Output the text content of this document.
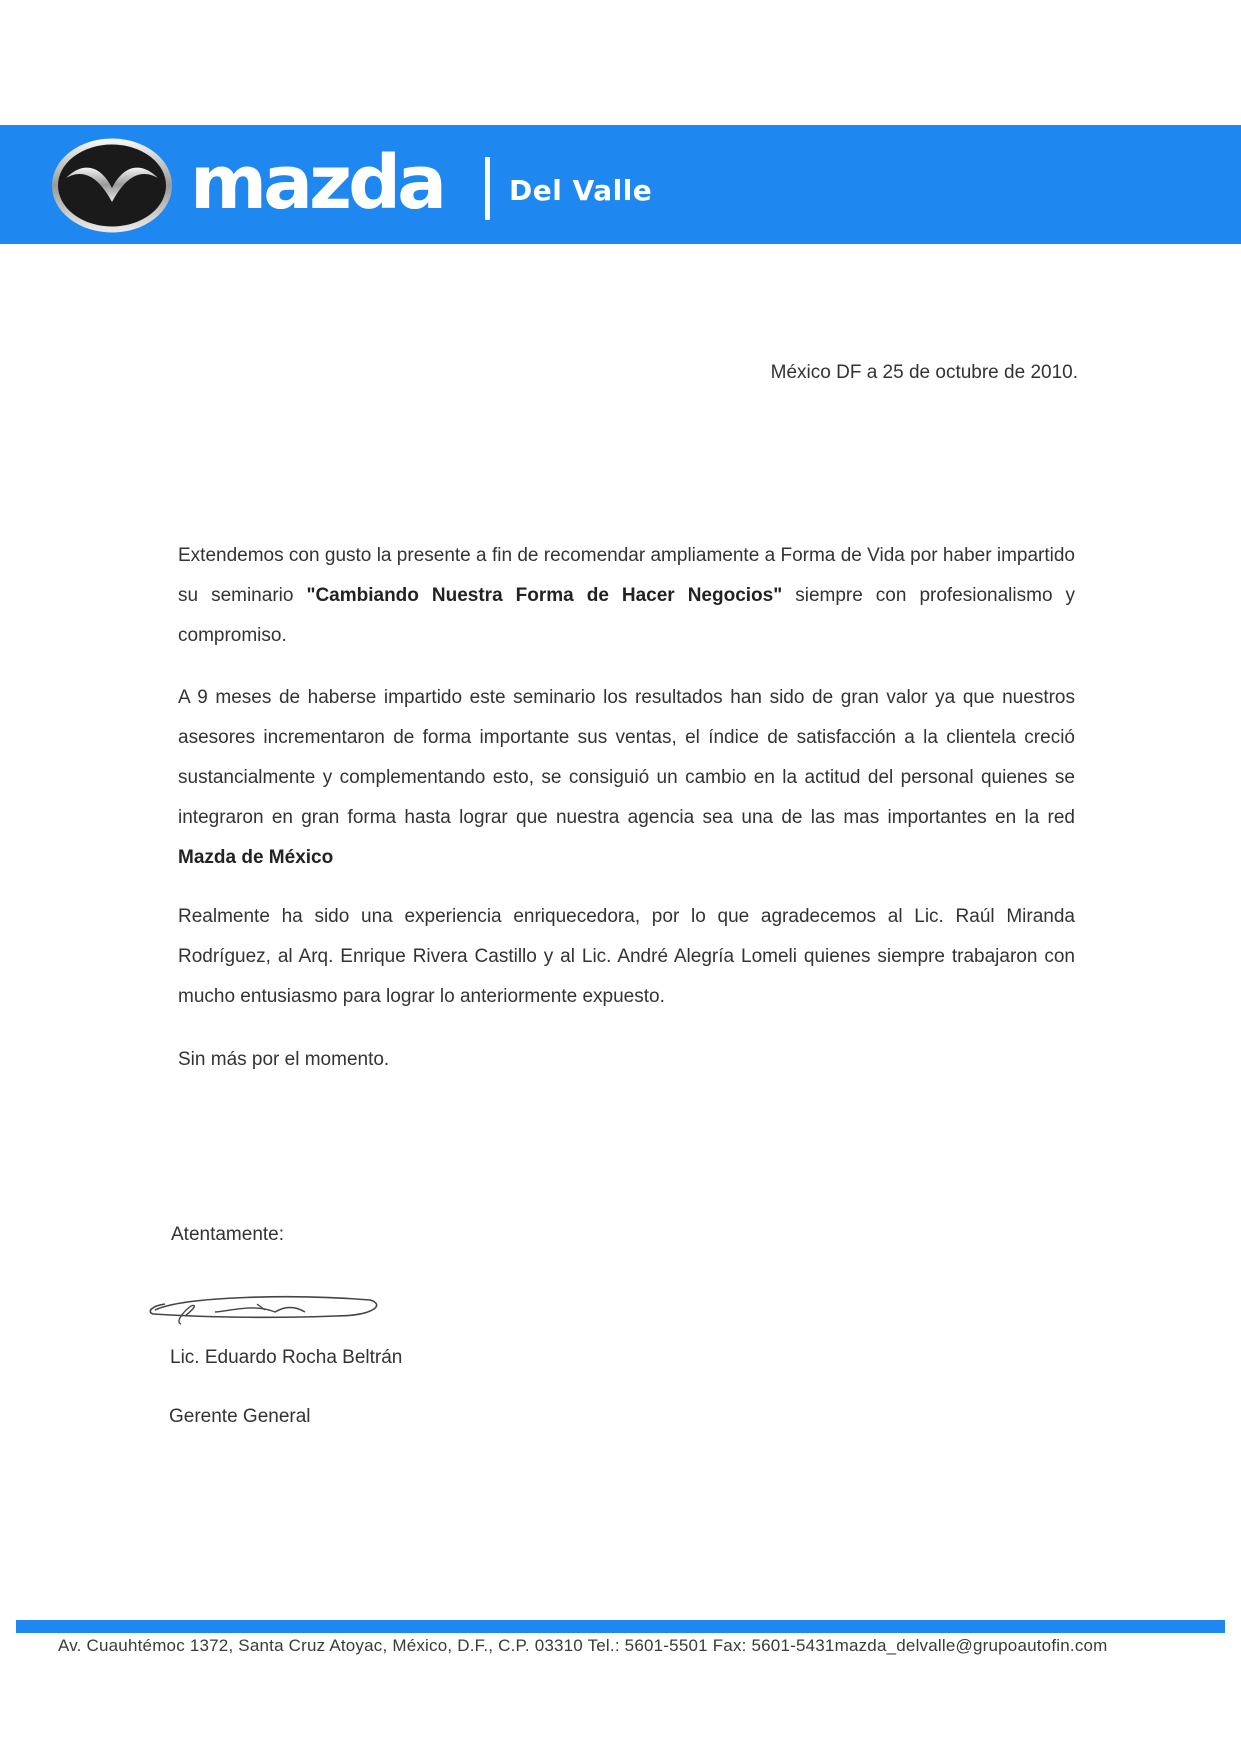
mazda Del Valle
México DF a 25 de octubre de 2010.
Extendemos con gusto la presente a fin de recomendar ampliamente a Forma de Vida por haber impartido su seminario "Cambiando Nuestra Forma de Hacer Negocios" siempre con profesionalismo y compromiso.
A 9 meses de haberse impartido este seminario los resultados han sido de gran valor ya que nuestros asesores incrementaron de forma importante sus ventas, el índice de satisfacción a la clientela creció sustancialmente y complementando esto, se consiguió un cambio en la actitud del personal quienes se integraron en gran forma hasta lograr que nuestra agencia sea una de las mas importantes en la red Mazda de México
Realmente ha sido una experiencia enriquecedora, por lo que agradecemos al Lic. Raúl Miranda Rodríguez, al Arq. Enrique Rivera Castillo y al Lic. André Alegría Lomeli quienes siempre trabajaron con mucho entusiasmo para lograr lo anteriormente expuesto.
Sin más por el momento.
Atentamente:
Lic. Eduardo Rocha Beltrán
Gerente General
Av. Cuauhtémoc 1372, Santa Cruz Atoyac, México, D.F., C.P. 03310 Tel.: 5601-5501 Fax: 5601-5431mazda_delvalle@grupoautofin.com
